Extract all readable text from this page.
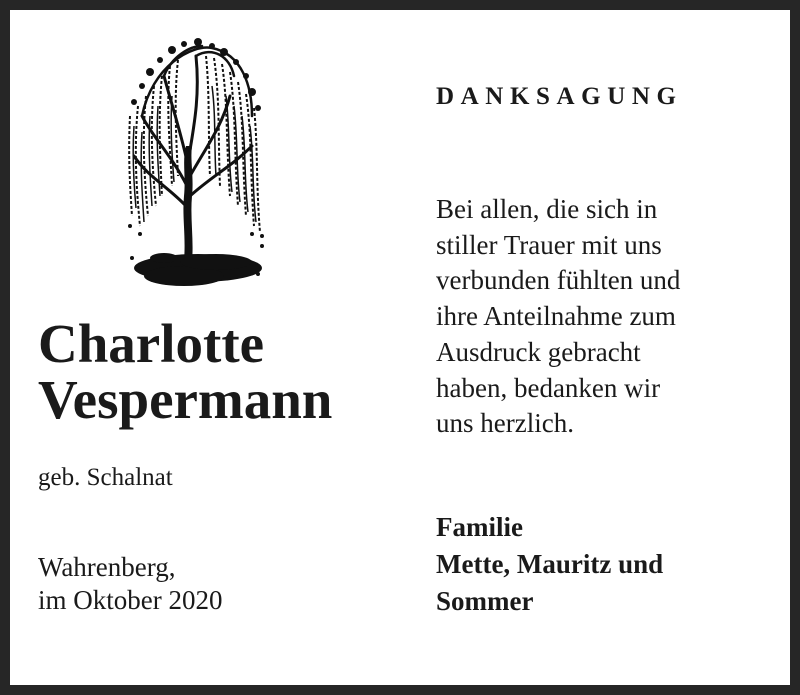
Charlotte
Vespermann
geb. Schalnat
Wahrenberg,
im Oktober 2020
DANKSAGUNG
Bei allen, die sich in
stiller Trauer mit uns
verbunden fühlten und
ihre Anteilnahme zum
Ausdruck gebracht
haben, bedanken wir
uns herzlich.
Familie
Mette, Mauritz und
Sommer
